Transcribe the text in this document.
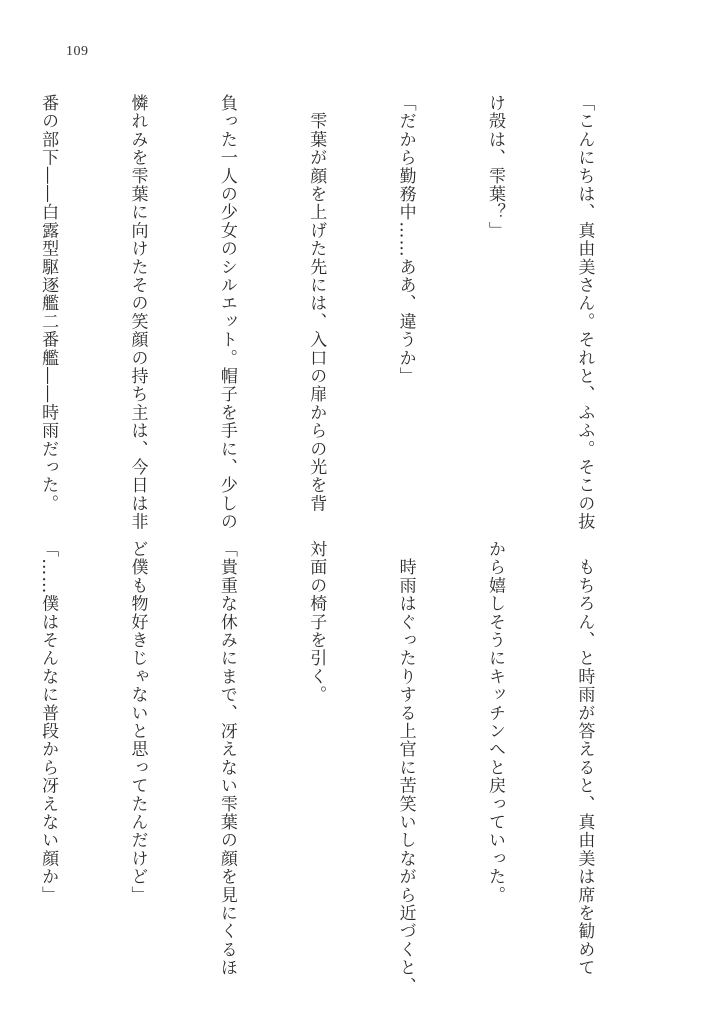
109

「こんにちは、真由美さん。それと、ふふ。そこの抜

け殻は、雫葉？」

「だから勤務中……ああ、違うか」

　雫葉が顔を上げた先には、入口の扉からの光を背

負った一人の少女のシルエット。帽子を手に、少しの

憐れみを雫葉に向けたその笑顔の持ち主は、今日は非

番の部下――白露型駆逐艦二番艦――時雨だった。

　もちろん、と時雨が答えると、真由美は席を勧めて

から嬉しそうにキッチンへと戻っていった。

　時雨はぐったりする上官に苦笑いしながら近づくと、

対面の椅子を引く。

「貴重な休みにまで、冴えない雫葉の顔を見にくるほ

ど僕も物好きじゃないと思ってたんだけど」

「……僕はそんなに普段から冴えない顔か」
